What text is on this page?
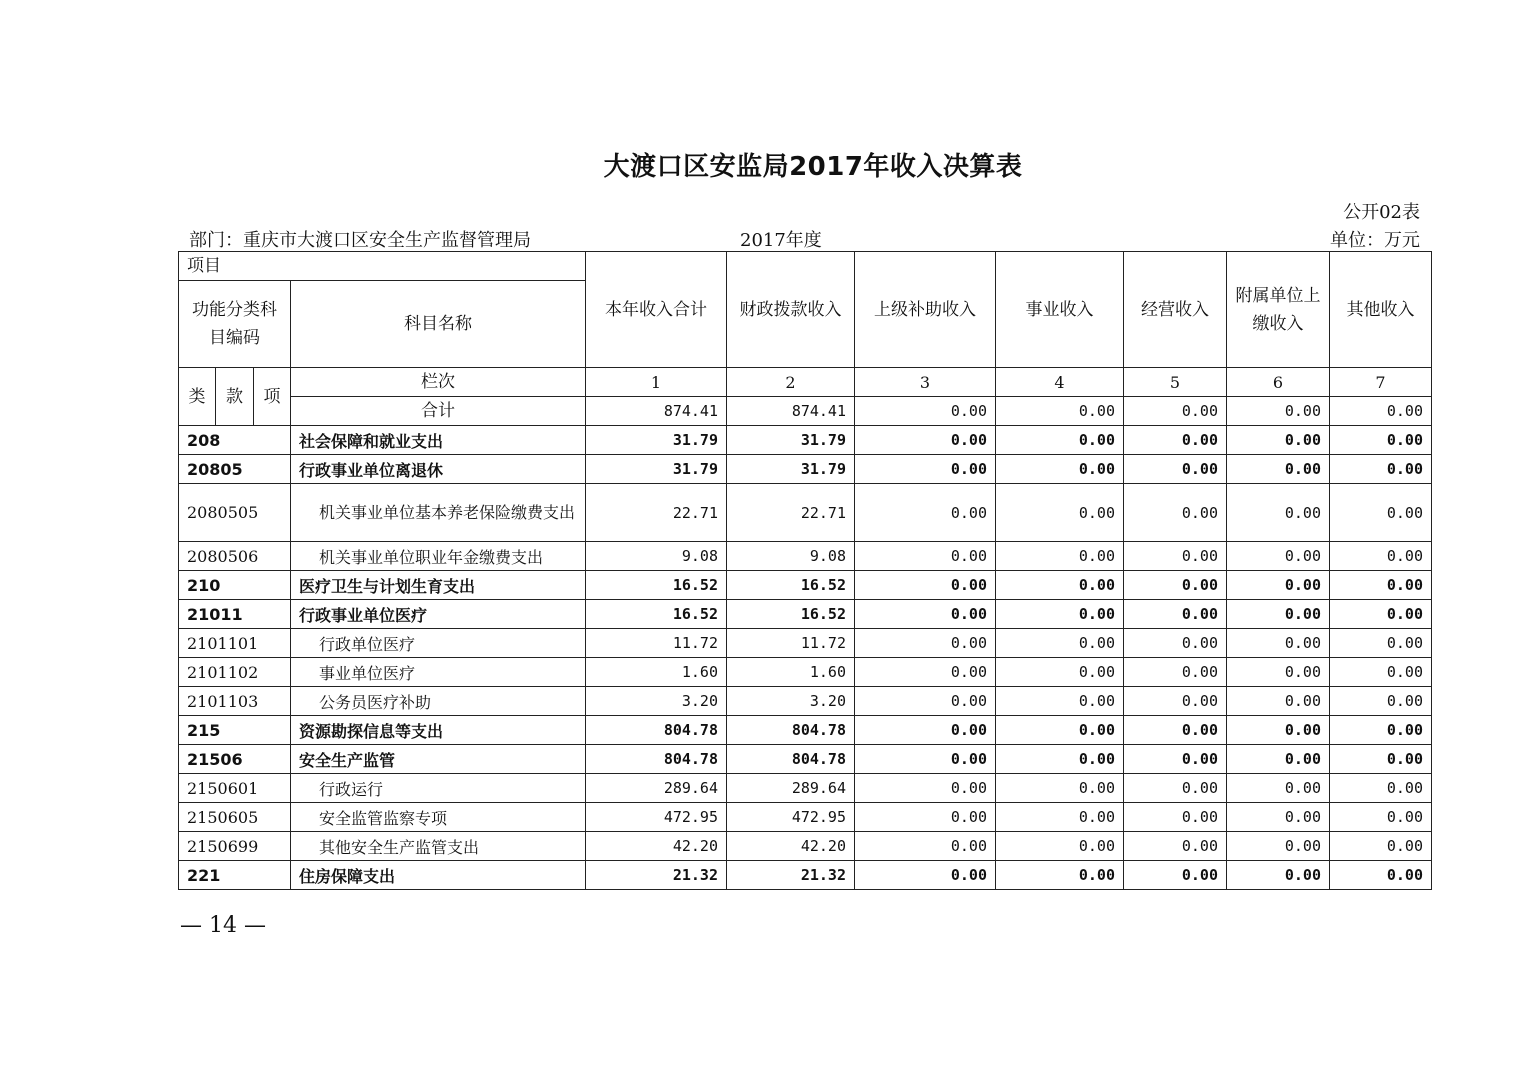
大渡口区安监局2017年收入决算表
公开02表
部门：重庆市大渡口区安全生产监督管理局	2017年度	单位：万元
项目				本年收入合计	财政拨款收入	上级补助收入	事业收入	经营收入	附属单位上缴收入	其他收入
功能分类科目编码			科目名称							
类	款	项	栏次	1	2	3	4	5	6	7
			合计	874.41	874.41	0.00	0.00	0.00	0.00	0.00
208			社会保障和就业支出	31.79	31.79	0.00	0.00	0.00	0.00	0.00
20805			行政事业单位离退休	31.79	31.79	0.00	0.00	0.00	0.00	0.00
2080505			机关事业单位基本养老保险缴费支出	22.71	22.71	0.00	0.00	0.00	0.00	0.00
2080506			机关事业单位职业年金缴费支出	9.08	9.08	0.00	0.00	0.00	0.00	0.00
210			医疗卫生与计划生育支出	16.52	16.52	0.00	0.00	0.00	0.00	0.00
21011			行政事业单位医疗	16.52	16.52	0.00	0.00	0.00	0.00	0.00
2101101			行政单位医疗	11.72	11.72	0.00	0.00	0.00	0.00	0.00
2101102			事业单位医疗	1.60	1.60	0.00	0.00	0.00	0.00	0.00
2101103			公务员医疗补助	3.20	3.20	0.00	0.00	0.00	0.00	0.00
215			资源勘探信息等支出	804.78	804.78	0.00	0.00	0.00	0.00	0.00
21506			安全生产监管	804.78	804.78	0.00	0.00	0.00	0.00	0.00
2150601			行政运行	289.64	289.64	0.00	0.00	0.00	0.00	0.00
2150605			安全监管监察专项	472.95	472.95	0.00	0.00	0.00	0.00	0.00
2150699			其他安全生产监管支出	42.20	42.20	0.00	0.00	0.00	0.00	0.00
221			住房保障支出	21.32	21.32	0.00	0.00	0.00	0.00	0.00
— 14 —
